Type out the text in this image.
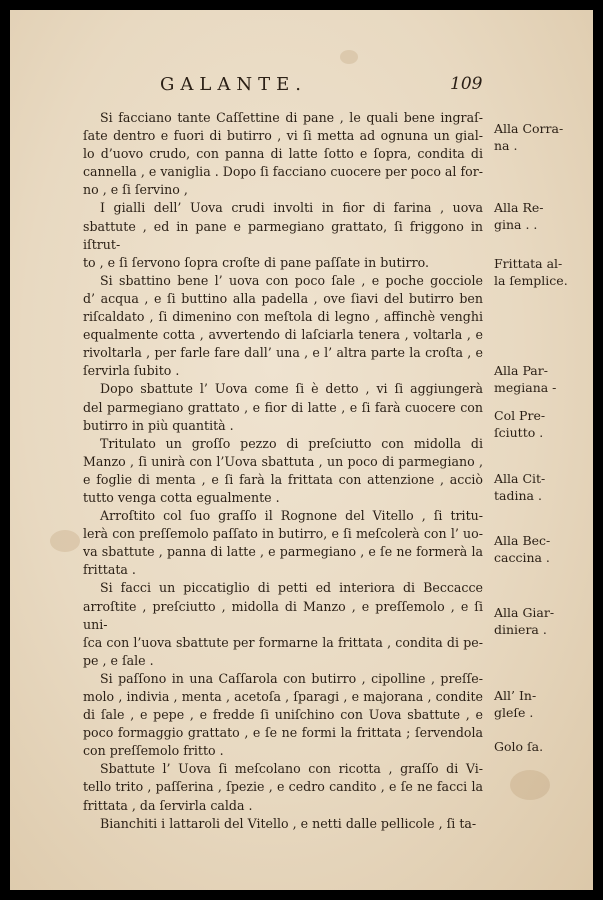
GALANTE.	109

Si facciano tante Caſſettine di pane , le quali bene ingraſ-
ſate dentro e fuori di butirro , vi ſi metta ad ognuna un gial-
lo d’uovo crudo, con panna di latte ſotto e ſopra, condita di
cannella , e vaniglia . Dopo ſi facciano cuocere per poco al for-
no , e ſi ſervino ,

I gialli dell’ Uova crudi involti in fior di farina , uova
sbattute , ed in pane e parmegiano grattato, ſi friggono in iſtrut-
to , e ſi ſervono ſopra croſte di pane paſſate in butirro.

Si sbattino bene l’ uova con poco ſale , e poche gocciole
d’ acqua , e ſi buttino alla padella , ove ſiavi del butirro ben
riſcaldato , ſi dimenino con meſtola di legno , affinchè venghi
equalmente cotta , avvertendo di laſciarla tenera , voltarla , e
rivoltarla , per farle fare dall’ una , e l’ altra parte la croſta , e
ſervirla ſubito .

Dopo sbattute l’ Uova come ſi è detto , vi ſi aggiungerà
del parmegiano grattato , e fior di latte , e ſi farà cuocere con
butirro in più quantità .

Tritulato un groſſo pezzo di preſciutto con midolla di
Manzo , ſi unirà con l’Uova sbattuta , un poco di parmegiano ,
e foglie di menta , e ſi farà la frittata con attenzione , acciò
tutto venga cotta egualmente .

Arroſtito col ſuo graſſo il Rognone del Vitello , ſi tritu-
lerà con preſſemolo paſſato in butirro, e ſi meſcolerà con l’ uo-
va sbattute , panna di latte , e parmegiano , e ſe ne formerà la
frittata .

Si facci un piccatiglio di petti ed interiora di Beccacce
arroſtite , preſciutto , midolla di Manzo , e preſſemolo , e ſi uni-
ſca con l’uova sbattute per formarne la frittata , condita di pe-
pe , e ſale .

Si paſſono in una Caſſarola con butirro , cipolline , preſſe-
molo , indivia , menta , acetoſa , ſparagi , e majorana , condite
di ſale , e pepe , e fredde ſi uniſchino con Uova sbattute , e
poco formaggio grattato , e ſe ne formi la frittata ; ſervendola
con preſſemolo fritto .

Sbattute l’ Uova ſi meſcolano con ricotta , graſſo di Vi-
tello trito , paſſerina , ſpezie , e cedro candito , e ſe ne facci la
frittata , da ſervirla calda .

Bianchiti i lattaroli del Vitello , e netti dalle pellicole , ſi ta-

Alla Corra-
na .
Alla Re-
gina . .
Frittata al-
la ſemplice.
Alla Par-
megiana -
Col Pre-
ſciutto .
Alla Cit-
tadina .
Alla Bec-
caccina .
Alla Giar-
diniera .
All’ In-
gleſe .
Golo ſa.
